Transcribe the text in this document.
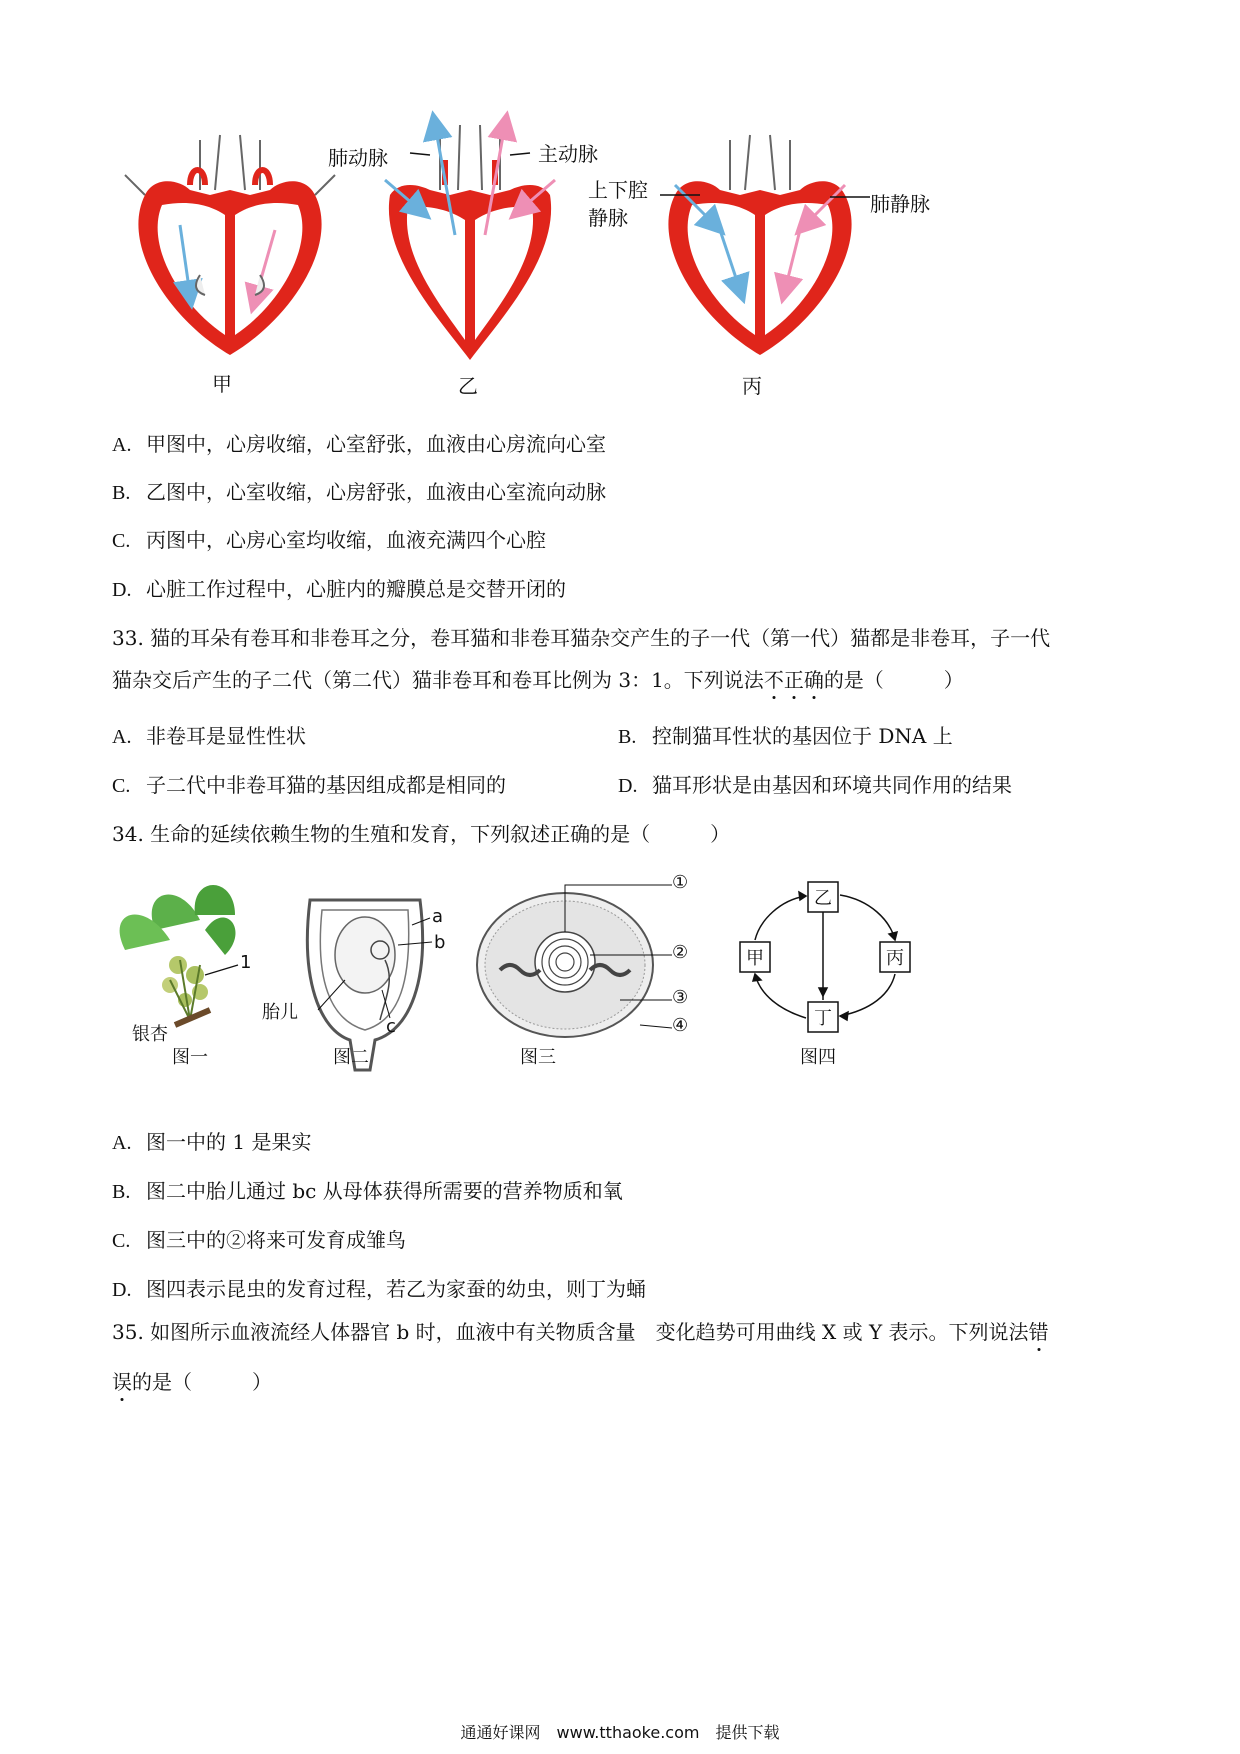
肺动脉	主动脉
上下腔
静脉
肺静脉
甲	乙	丙
A. 甲图中，心房收缩，心室舒张，血液由心房流向心室
B. 乙图中，心室收缩，心房舒张，血液由心室流向动脉
C. 丙图中，心房心室均收缩，血液充满四个心腔
D. 心脏工作过程中，心脏内的瓣膜总是交替开闭的
33. 猫的耳朵有卷耳和非卷耳之分，卷耳猫和非卷耳猫杂交产生的子一代（第一代）猫都是非卷耳，子一代
猫杂交后产生的子二代（第二代）猫非卷耳和卷耳比例为 3：1。下列说法不正确的是（　　　）
A. 非卷耳是显性性状	B. 控制猫耳性状的基因位于 DNA 上
C. 子二代中非卷耳猫的基因组成都是相同的	D. 猫耳形状是由基因和环境共同作用的结果
34. 生命的延续依赖生物的生殖和发育，下列叙述正确的是（　　　）
1
银杏
图一
a
b
c
胎儿
图二
①
②
③
④
图三
乙
甲	丙
丁
图四
A. 图一中的 1 是果实
B. 图二中胎儿通过 bc 从母体获得所需要的营养物质和氧
C. 图三中的②将来可发育成雏鸟
D. 图四表示昆虫的发育过程，若乙为家蚕的幼虫，则丁为蛹
35. 如图所示血液流经人体器官 b 时，血液中有关物质含量　变化趋势可用曲线 X 或 Y 表示。下列说法错
误的是（　　　）
通通好课网　www.tthaoke.com　提供下载
